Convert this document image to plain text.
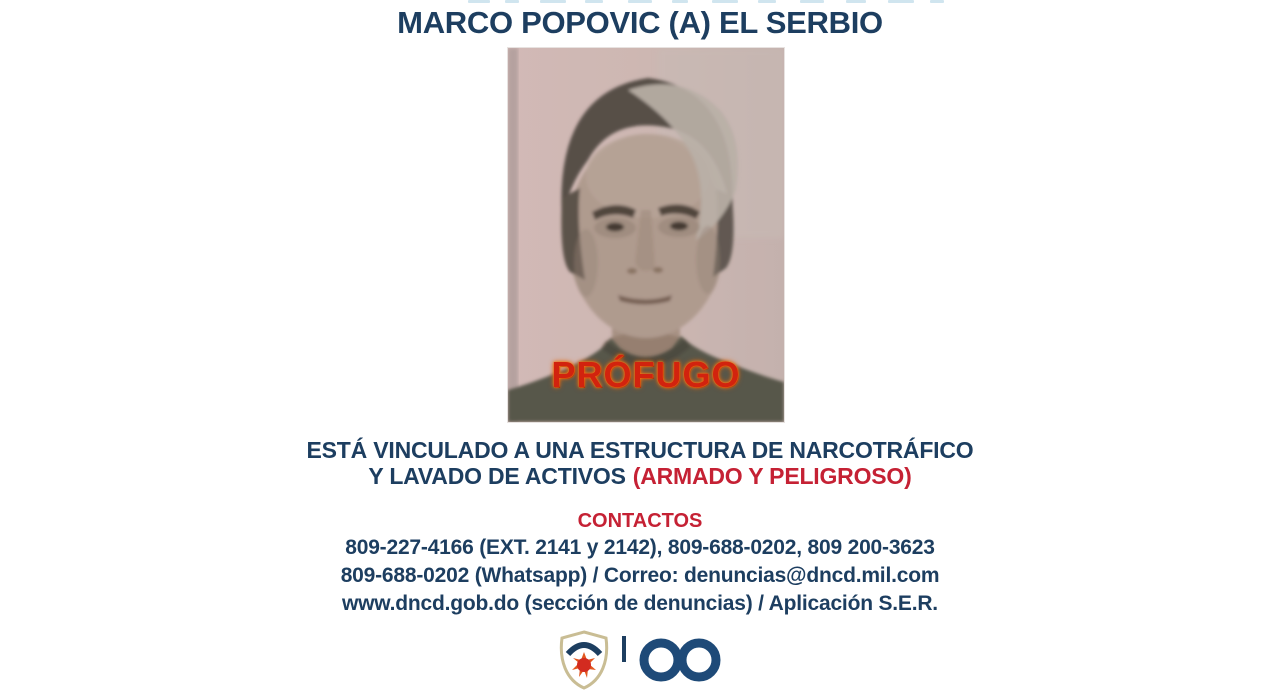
MARCO POPOVIC (A) EL SERBIO
PRÓFUGO
ESTÁ VINCULADO A UNA ESTRUCTURA DE NARCOTRÁFICO
Y LAVADO DE ACTIVOS (ARMADO Y PELIGROSO)
CONTACTOS
809-227-4166 (EXT. 2141 y 2142), 809-688-0202, 809 200-3623
809-688-0202 (Whatsapp) / Correo: denuncias@dncd.mil.com
www.dncd.gob.do (sección de denuncias) / Aplicación S.E.R.
